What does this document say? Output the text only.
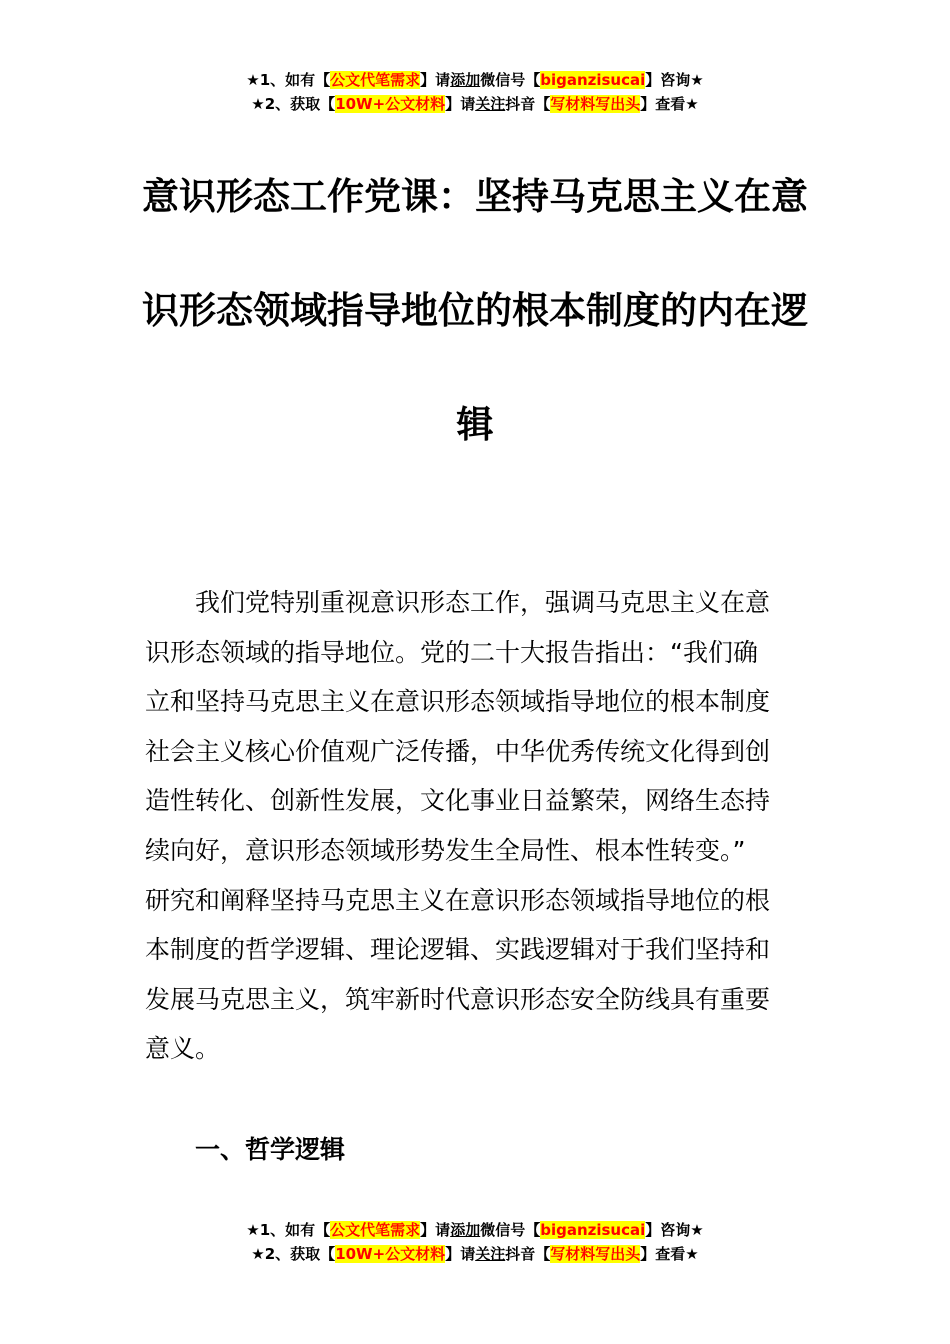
★1、如有【公文代笔需求】请添加微信号【biganzisucai】咨询★
★2、获取【10W+公文材料】请关注抖音【写材料写出头】查看★
意识形态工作党课：坚持马克思主义在意
识形态领域指导地位的根本制度的内在逻
辑

我们党特别重视意识形态工作，强调马克思主义在意
识形态领域的指导地位。党的二十大报告指出：“我们确
立和坚持马克思主义在意识形态领域指导地位的根本制度
社会主义核心价值观广泛传播，中华优秀传统文化得到创
造性转化、创新性发展，文化事业日益繁荣，网络生态持
续向好，意识形态领域形势发生全局性、根本性转变。”
研究和阐释坚持马克思主义在意识形态领域指导地位的根
本制度的哲学逻辑、理论逻辑、实践逻辑对于我们坚持和
发展马克思主义，筑牢新时代意识形态安全防线具有重要
意义。

一、哲学逻辑
★1、如有【公文代笔需求】请添加微信号【biganzisucai】咨询★
★2、获取【10W+公文材料】请关注抖音【写材料写出头】查看★
